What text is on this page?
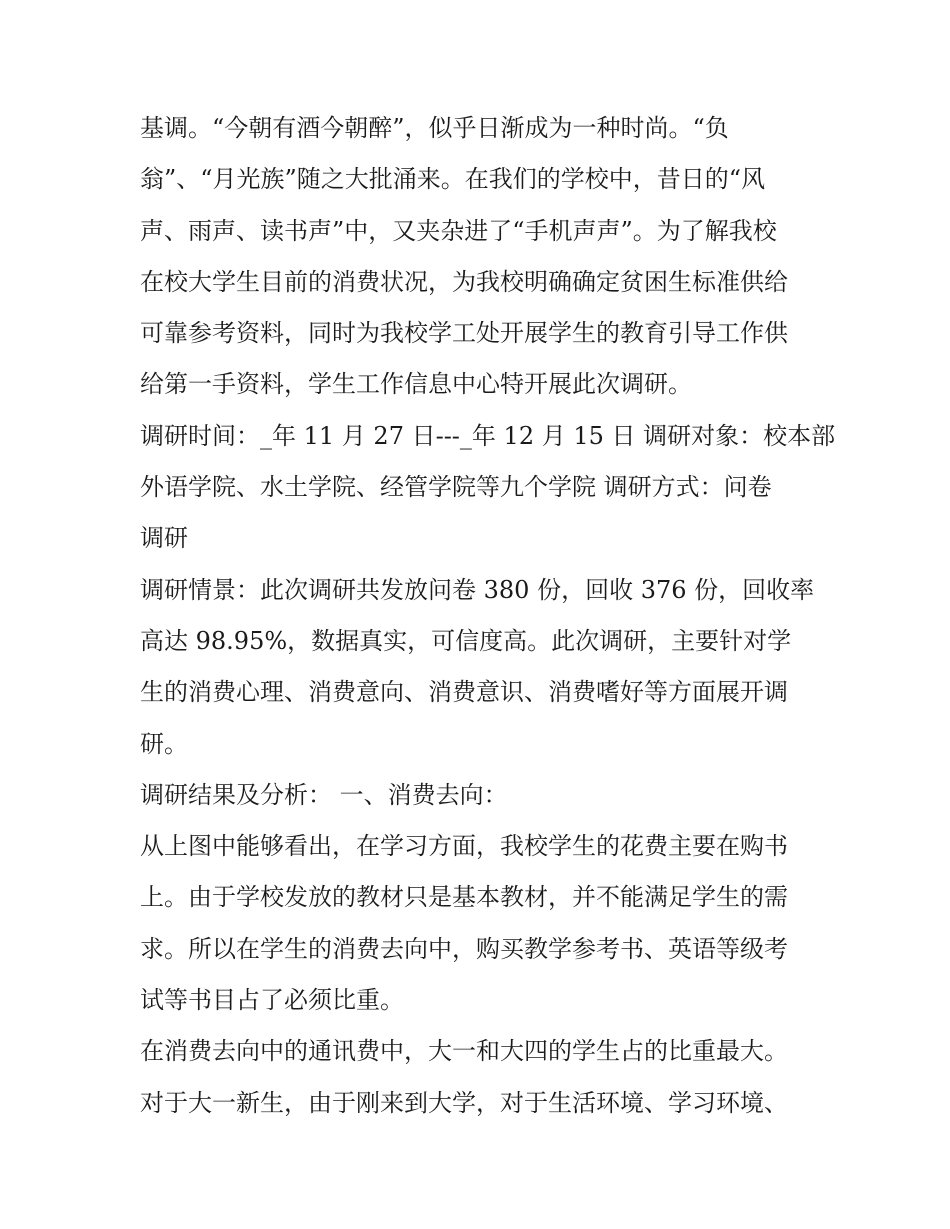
基调。“今朝有酒今朝醉”，似乎日渐成为一种时尚。“负
翁”、“月光族”随之大批涌来。在我们的学校中，昔日的“风
声、雨声、读书声”中，又夹杂进了“手机声声”。为了解我校
在校大学生目前的消费状况，为我校明确确定贫困生标准供给
可靠参考资料，同时为我校学工处开展学生的教育引导工作供
给第一手资料，学生工作信息中心特开展此次调研。
调研时间：_年 11 月 27 日---_年 12 月 15 日 调研对象：校本部
外语学院、水土学院、经管学院等九个学院 调研方式：问卷
调研
调研情景：此次调研共发放问卷 380 份，回收 376 份，回收率
高达 98.95%，数据真实，可信度高。此次调研，主要针对学
生的消费心理、消费意向、消费意识、消费嗜好等方面展开调
研。
调研结果及分析： 一、消费去向：
从上图中能够看出，在学习方面，我校学生的花费主要在购书
上。由于学校发放的教材只是基本教材，并不能满足学生的需
求。所以在学生的消费去向中，购买教学参考书、英语等级考
试等书目占了必须比重。
在消费去向中的通讯费中，大一和大四的学生占的比重最大。
对于大一新生，由于刚来到大学，对于生活环境、学习环境、
